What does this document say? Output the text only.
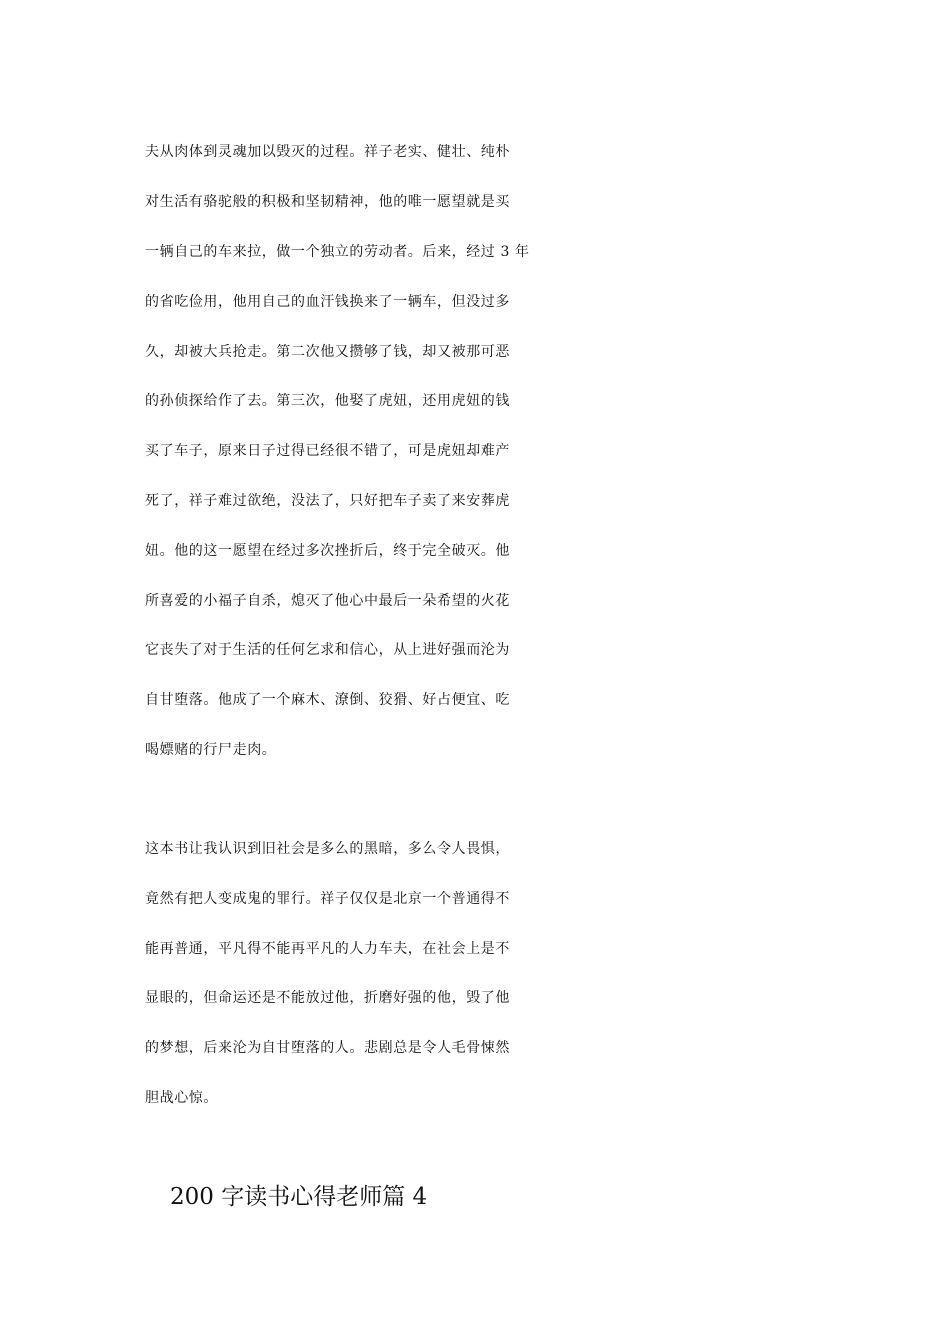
夫从肉体到灵魂加以毁灭的过程。祥子老实、健壮、纯朴
对生活有骆驼般的积极和坚韧精神，他的唯一愿望就是买
一辆自己的车来拉，做一个独立的劳动者。后来，经过 3 年
的省吃俭用，他用自己的血汗钱换来了一辆车，但没过多
久，却被大兵抢走。第二次他又攒够了钱，却又被那可恶
的孙侦探给作了去。第三次，他娶了虎妞，还用虎妞的钱
买了车子，原来日子过得已经很不错了，可是虎妞却难产
死了，祥子难过欲绝，没法了，只好把车子卖了来安葬虎
妞。他的这一愿望在经过多次挫折后，终于完全破灭。他
所喜爱的小福子自杀，熄灭了他心中最后一朵希望的火花
它丧失了对于生活的任何乞求和信心，从上进好强而沦为
自甘堕落。他成了一个麻木、潦倒、狡猾、好占便宜、吃
喝嫖赌的行尸走肉。
这本书让我认识到旧社会是多么的黑暗，多么令人畏惧，
竟然有把人变成鬼的罪行。祥子仅仅是北京一个普通得不
能再普通，平凡得不能再平凡的人力车夫，在社会上是不
显眼的，但命运还是不能放过他，折磨好强的他，毁了他
的梦想，后来沦为自甘堕落的人。悲剧总是令人毛骨悚然
胆战心惊。
200 字读书心得老师篇 4
